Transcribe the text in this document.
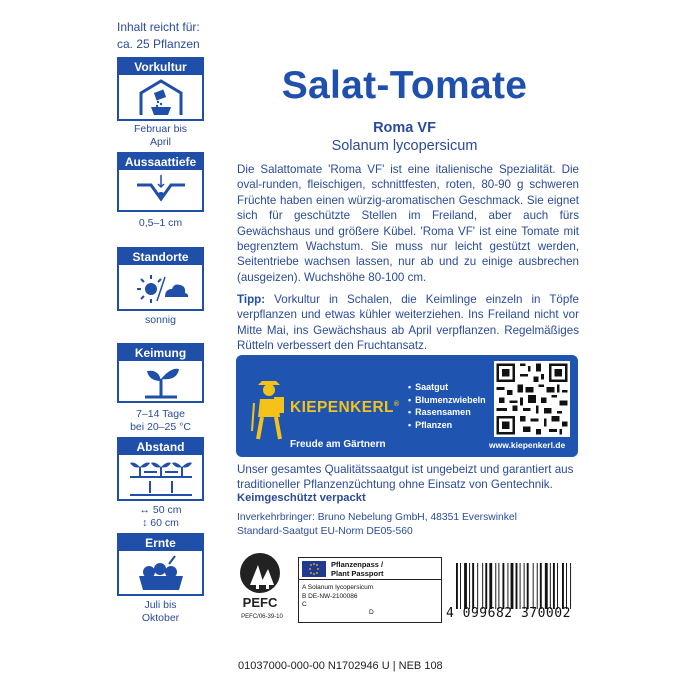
Inhalt reicht für:
ca. 25 Pflanzen
Vorkultur
Februar bis
April
Aussaattiefe
0,5–1 cm
Standorte
sonnig
Keimung
7–14 Tage
bei 20–25 °C
Abstand
↔ 50 cm
↕ 60 cm
Ernte
Juli bis
Oktober
Salat-Tomate
Roma VF
Solanum lycopersicum
Die Salattomate 'Roma VF' ist eine italienische Spezialität. Die oval-runden, fleischigen, schnittfesten, roten, 80-90 g schweren Früchte haben einen würzig-aromatischen Geschmack. Sie eignet sich für geschützte Stellen im Freiland, aber auch fürs Gewächshaus und größere Kübel. 'Roma VF' ist eine Tomate mit begrenztem Wachstum. Sie muss nur leicht gestützt werden, Seitentriebe wachsen lassen, nur ab und zu einige ausbrechen (ausgeizen). Wuchshöhe 80-100 cm.
Tipp: Vorkultur in Schalen, die Keimlinge einzeln in Töpfe verpflanzen und etwas kühler weiterziehen. Ins Freiland nicht vor Mitte Mai, ins Gewächshaus ab April verpflanzen. Regelmäßiges Rütteln verbessert den Fruchtansatz.
KIEPENKERL®
Freude am Gärtnern
• Saatgut
• Blumenzwiebeln
• Rasensamen
• Pflanzen
www.kiepenkerl.de
Unser gesamtes Qualitätssaatgut ist ungebeizt und garantiert aus traditioneller Pflanzenzüchtung ohne Einsatz von Gentechnik.
Keimgeschützt verpackt
Inverkehrbringer: Bruno Nebelung GmbH, 48351 Everswinkel
Standard-Saatgut EU-Norm DE05-560
PEFC
PEFC/06-39-10
Pflanzenpass /
Plant Passport
A Solanum lycopersicum
B DE-NW-2100086
C
D	4 099682 370002
01037000-000-00 N1702946 U | NEB 108
